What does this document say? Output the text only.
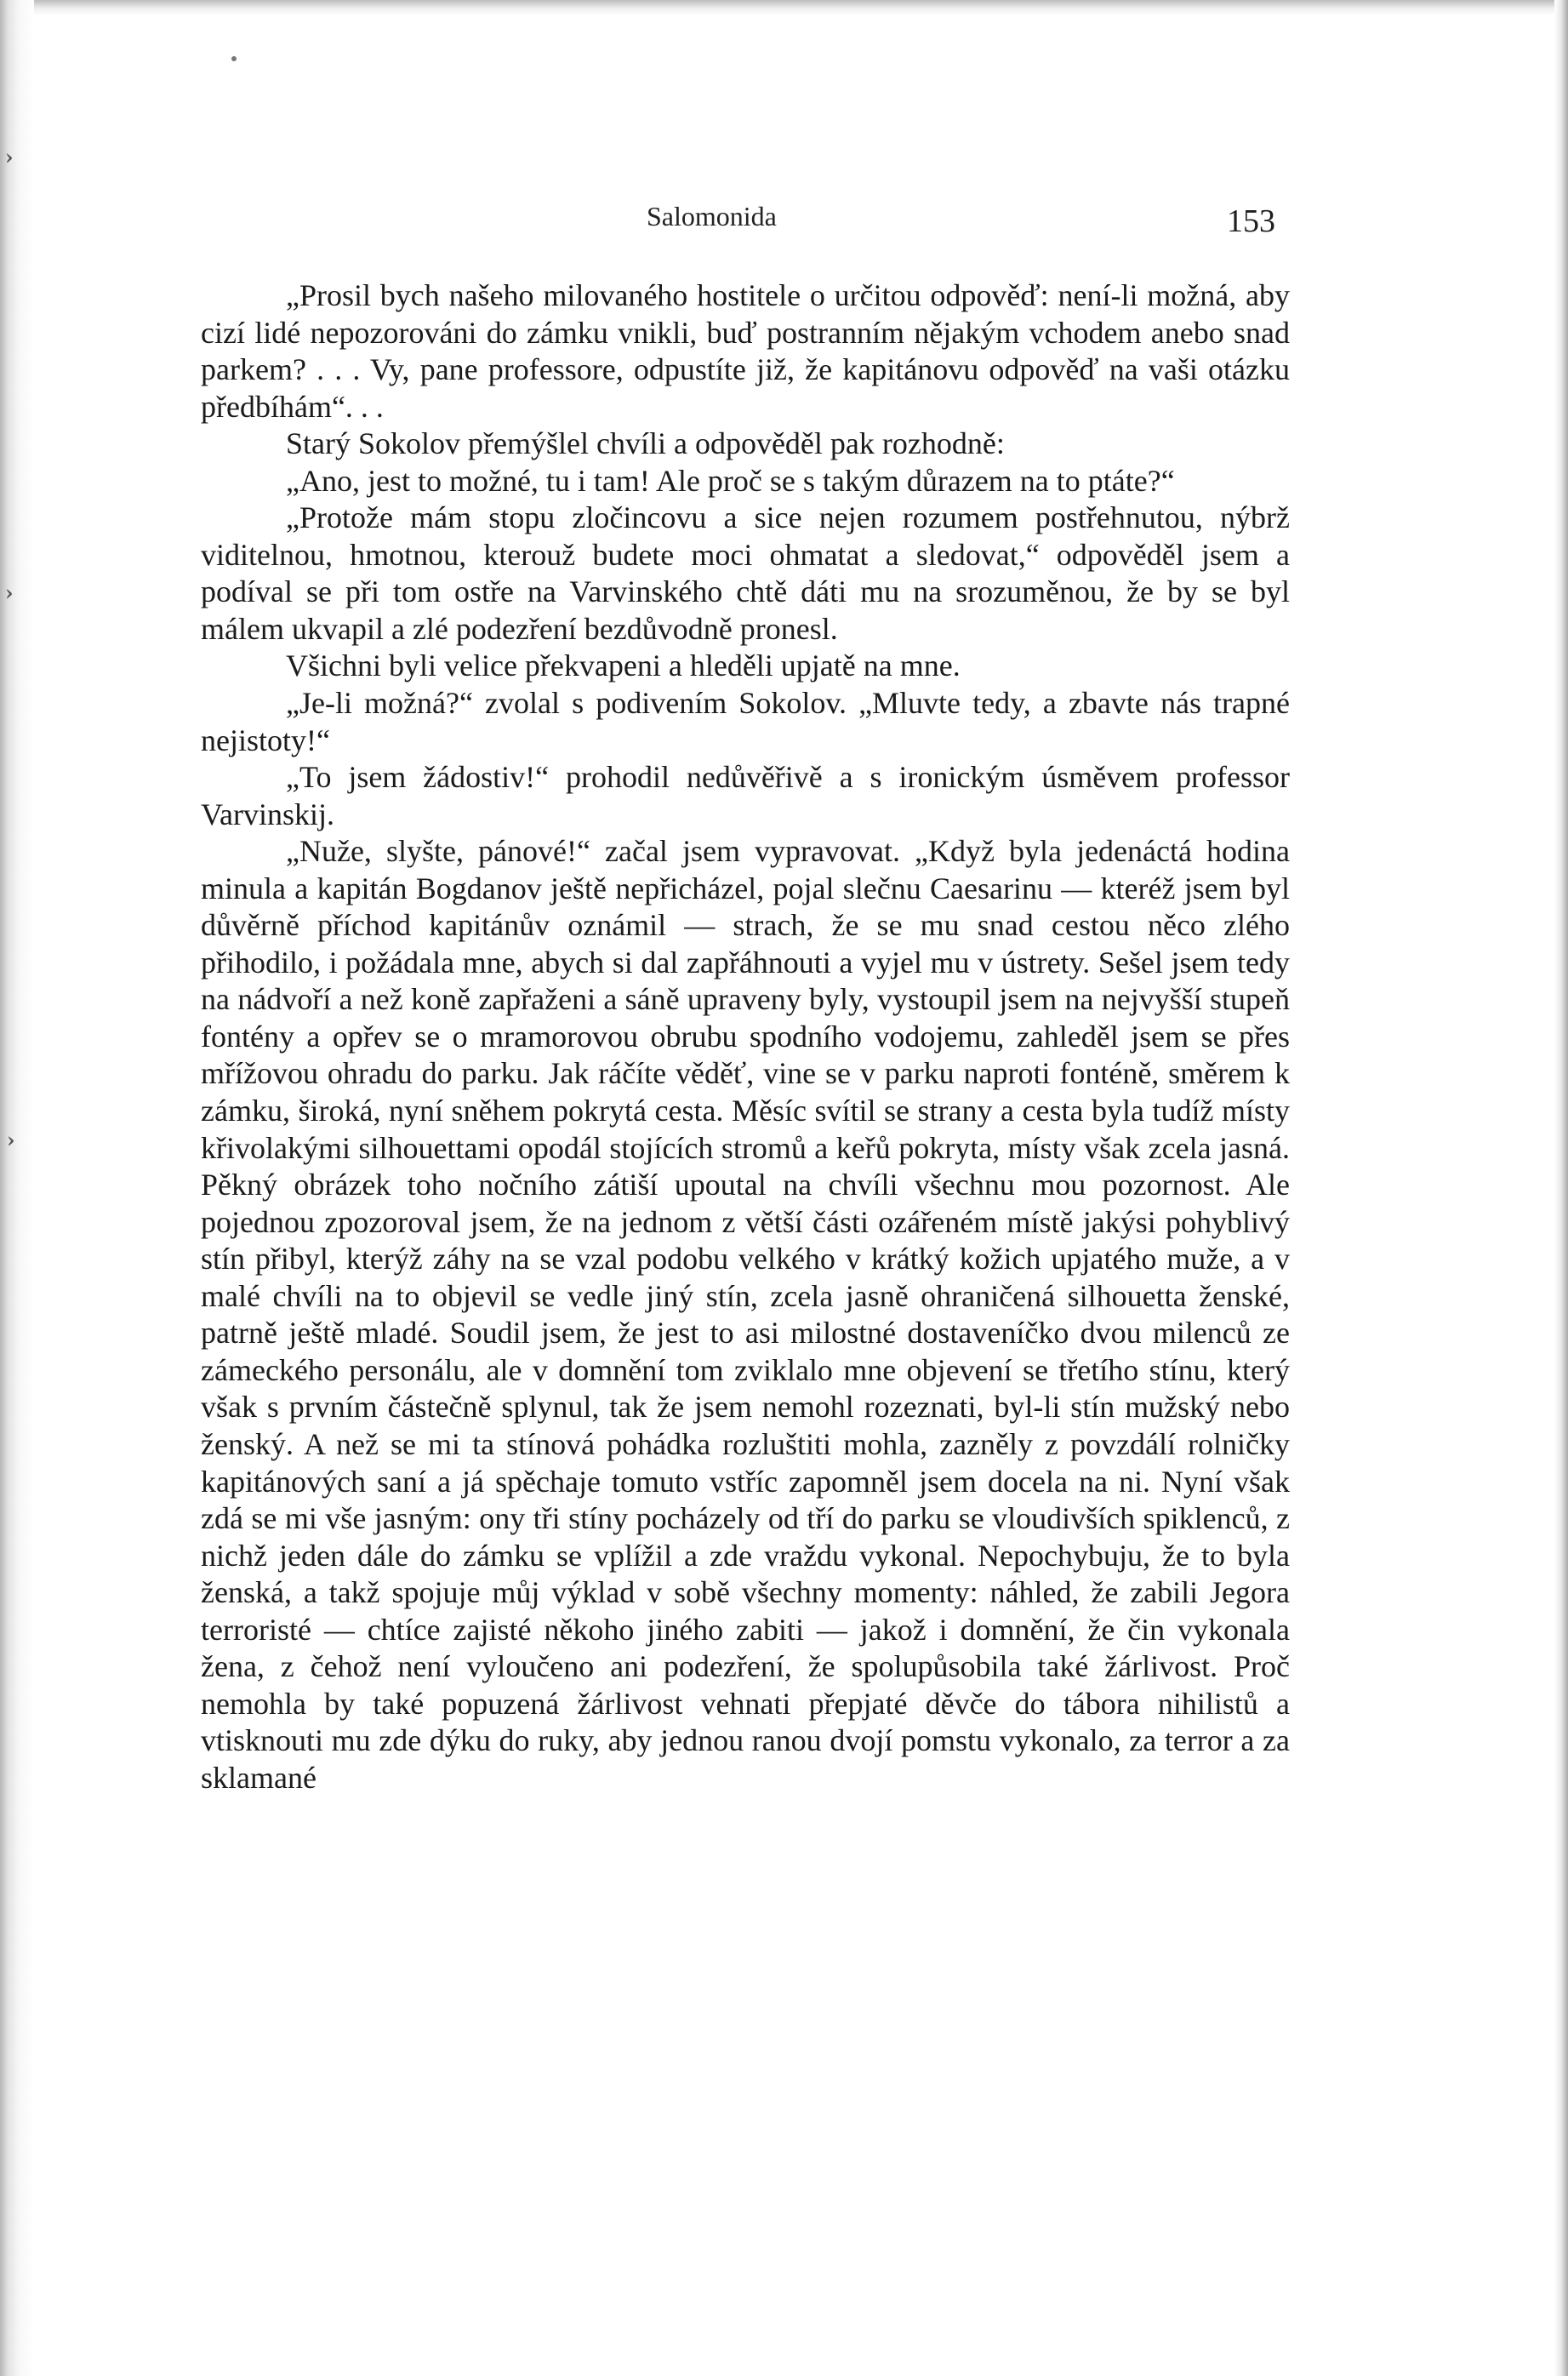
›
›
›
Salomonida	153

„Prosil bych našeho milovaného hostitele o určitou odpověď: není-li možná, aby cizí lidé nepozorováni do zámku vnikli, buď postranním nějakým vchodem anebo snad parkem? . . . Vy, pane professore, odpustíte již, že kapitánovu odpověď na vaši otázku předbíhám“. . .

Starý Sokolov přemýšlel chvíli a odpověděl pak rozhodně:

„Ano, jest to možné, tu i tam! Ale proč se s takým důrazem na to ptáte?“

„Protože mám stopu zločincovu a sice nejen rozumem postřehnutou, nýbrž viditelnou, hmotnou, kterouž budete moci ohmatat a sledovat,“ odpověděl jsem a podíval se při tom ostře na Varvinského chtě dáti mu na srozuměnou, že by se byl málem ukvapil a zlé podezření bezdůvodně pronesl.

Všichni byli velice překvapeni a hleděli upjatě na mne.

„Je-li možná?“ zvolal s podivením Sokolov. „Mluvte tedy, a zbavte nás trapné nejistoty!“

„To jsem žádostiv!“ prohodil nedůvěřivě a s ironickým úsměvem professor Varvinskij.

„Nuže, slyšte, pánové!“ začal jsem vypravovat. „Když byla jedenáctá hodina minula a kapitán Bogdanov ještě nepřicházel, pojal slečnu Caesarinu — kteréž jsem byl důvěrně příchod kapitánův oznámil — strach, že se mu snad cestou něco zlého přihodilo, i požádala mne, abych si dal zapřáhnouti a vyjel mu v ústrety. Sešel jsem tedy na nádvoří a než koně zapřaženi a sáně upraveny byly, vystoupil jsem na nejvyšší stupeň fontény a opřev se o mramorovou obrubu spodního vodojemu, zahleděl jsem se přes mřížovou ohradu do parku. Jak ráčíte věděť, vine se v parku naproti fonténě, směrem k zámku, široká, nyní sněhem pokrytá cesta. Měsíc svítil se strany a cesta byla tudíž místy křivolakými silhouettami opodál stojících stromů a keřů pokryta, místy však zcela jasná. Pěkný obrázek toho nočního zátiší upoutal na chvíli všechnu mou pozornost. Ale pojednou zpozoroval jsem, že na jednom z větší části ozářeném místě jakýsi pohyblivý stín přibyl, kterýž záhy na se vzal podobu velkého v krátký kožich upjatého muže, a v malé chvíli na to objevil se vedle jiný stín, zcela jasně ohraničená silhouetta ženské, patrně ještě mladé. Soudil jsem, že jest to asi milostné dostaveníčko dvou milenců ze zámeckého personálu, ale v domnění tom zviklalo mne objevení se třetího stínu, který však s prvním částečně splynul, tak že jsem nemohl rozeznati, byl-li stín mužský nebo ženský. A než se mi ta stínová pohádka rozluštiti mohla, zazněly z povzdálí rolničky kapitánových saní a já spěchaje tomuto vstříc zapomněl jsem docela na ni. Nyní však zdá se mi vše jasným: ony tři stíny pocházely od tří do parku se vloudivších spiklenců, z nichž jeden dále do zámku se vplížil a zde vraždu vykonal. Nepochybuju, že to byla ženská, a takž spojuje můj výklad v sobě všechny momenty: náhled, že zabili Jegora terroristé — chtíce zajisté někoho jiného zabiti — jakož i domnění, že čin vykonala žena, z čehož není vyloučeno ani podezření, že spolupůsobila také žárlivost. Proč nemohla by také popuzená žárlivost vehnati přepjaté děvče do tábora nihilistů a vtisknouti mu zde dýku do ruky, aby jednou ranou dvojí pomstu vykonalo, za terror a za sklamané
